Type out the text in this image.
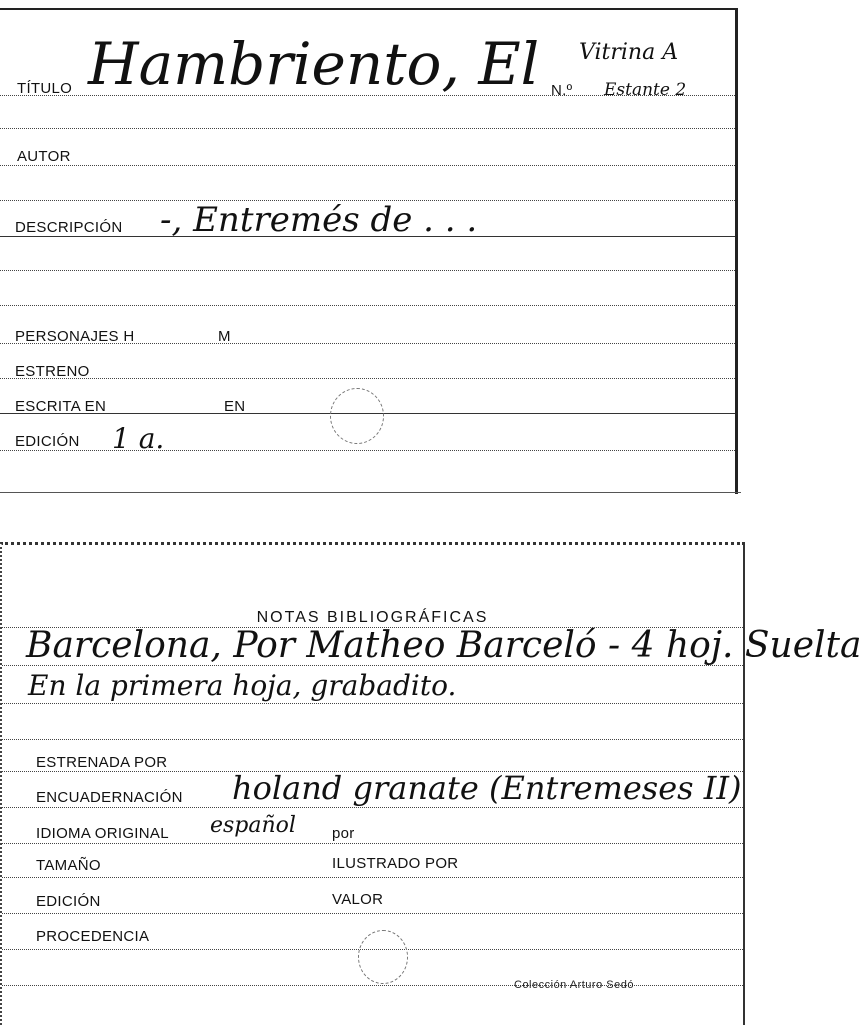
TÍTULO Hambriento, El N.º
Vitrina A
Estante 2
AUTOR
DESCRIPCIÓN -, Entremés de . . .
PERSONAJES H	M
ESTRENO
ESCRITA EN	EN
EDICIÓN 1 a.
NOTAS BIBLIOGRÁFICAS
Barcelona, Por Matheo Barceló - 4 hoj. Suelta
En la primera hoja, grabadito.
ESTRENADA POR
ENCUADERNACIÓN holand granate (Entremeses II)
IDIOMA ORIGINAL español por
TAMAÑO	ILUSTRADO POR
EDICIÓN	VALOR
PROCEDENCIA
Colección Arturo Sedó
